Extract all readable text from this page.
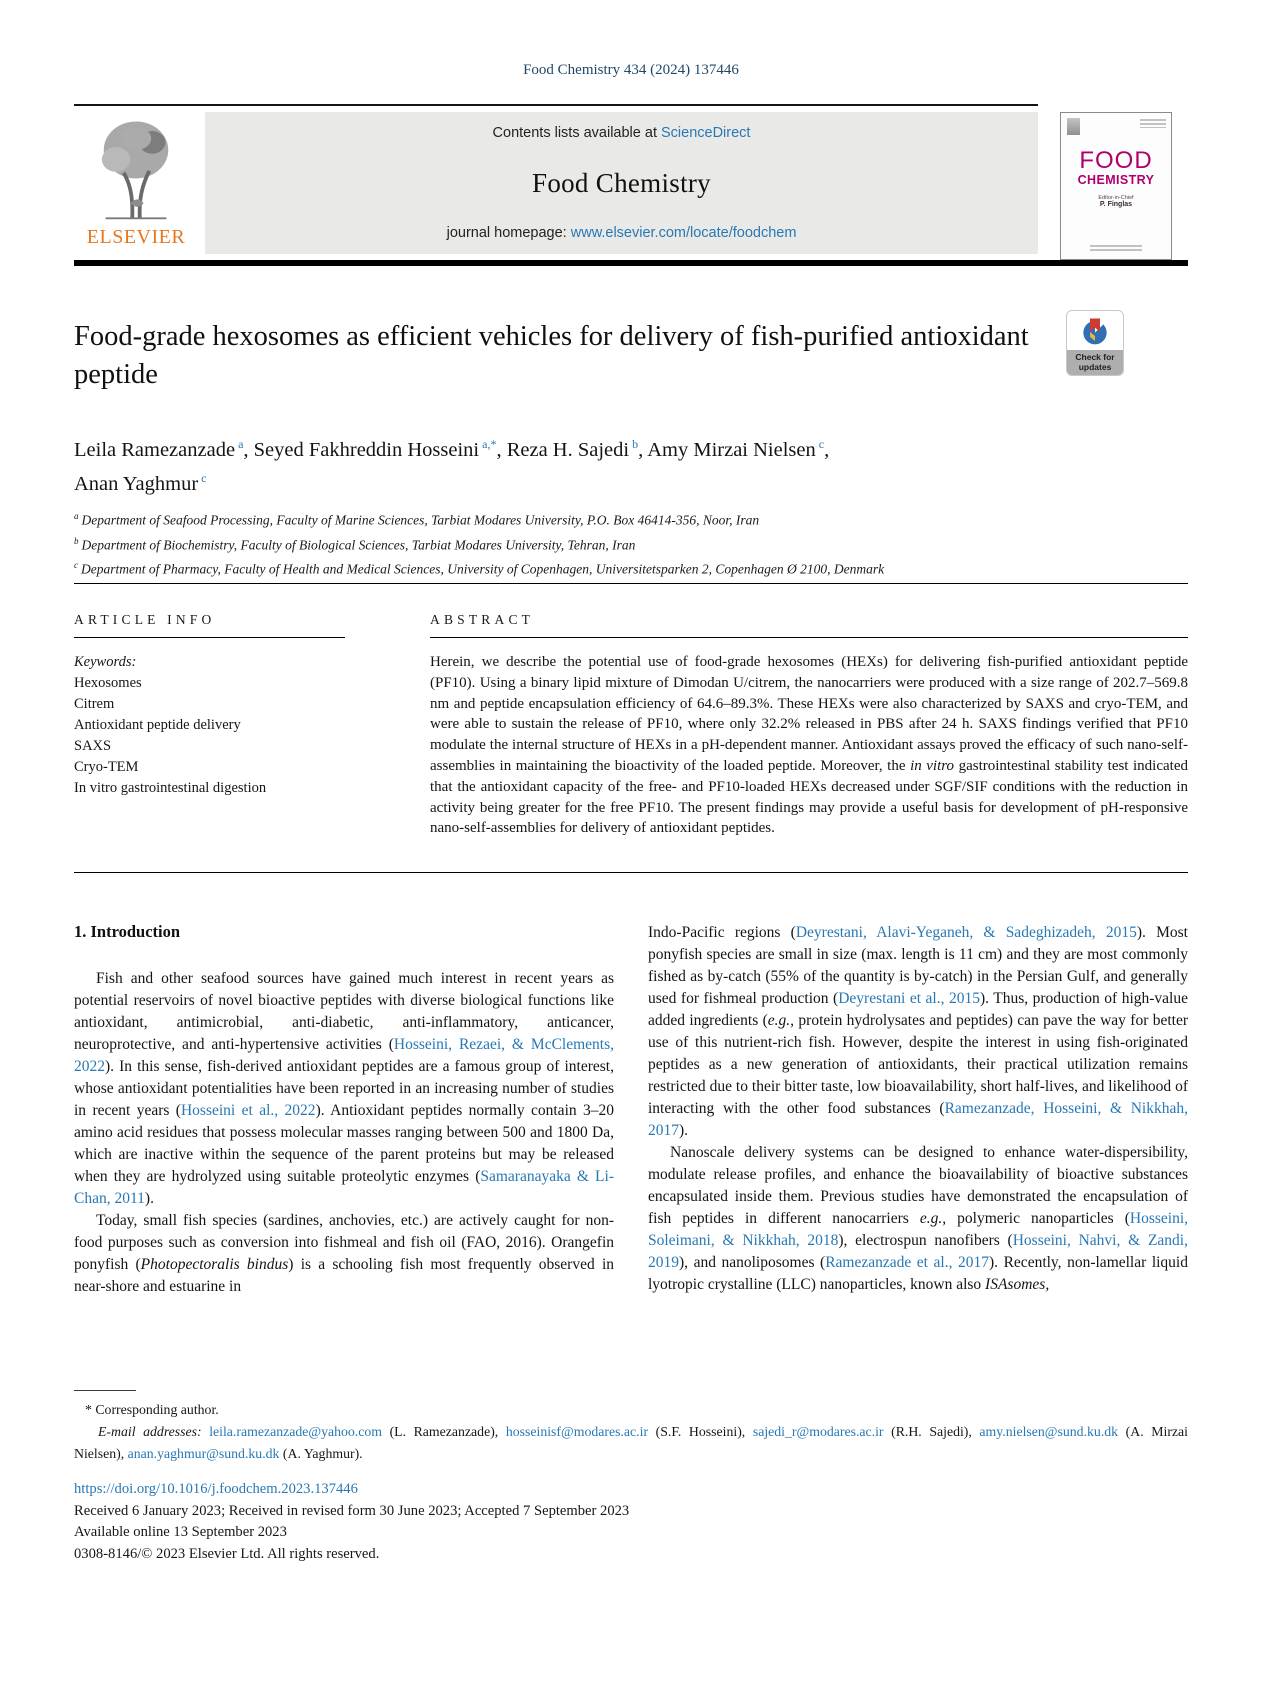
Food Chemistry 434 (2024) 137446
ELSEVIER
Contents lists available at ScienceDirect
Food Chemistry
journal homepage: www.elsevier.com/locate/foodchem
FOOD
CHEMISTRY
Editor-in-Chief
P. Finglas
Food-grade hexosomes as efficient vehicles for delivery of fish-purified antioxidant peptide
Check for updates
Leila Ramezanzade $^a$, Seyed Fakhreddin Hosseini $^{a,*}$, Reza H. Sajedi $^b$, Amy Mirzai Nielsen $^c$,
Anan Yaghmur $^c$
$^a$ Department of Seafood Processing, Faculty of Marine Sciences, Tarbiat Modares University, P.O. Box 46414-356, Noor, Iran
$^b$ Department of Biochemistry, Faculty of Biological Sciences, Tarbiat Modares University, Tehran, Iran
$^c$ Department of Pharmacy, Faculty of Health and Medical Sciences, University of Copenhagen, Universitetsparken 2, Copenhagen Ø 2100, Denmark
ARTICLE INFO
Keywords:
Hexosomes
Citrem
Antioxidant peptide delivery
SAXS
Cryo-TEM
In vitro gastrointestinal digestion
ABSTRACT

Herein, we describe the potential use of food-grade hexosomes (HEXs) for delivering fish-purified antioxidant peptide (PF10). Using a binary lipid mixture of Dimodan U/citrem, the nanocarriers were produced with a size range of 202.7–569.8 nm and peptide encapsulation efficiency of 64.6–89.3%. These HEXs were also characterized by SAXS and cryo-TEM, and were able to sustain the release of PF10, where only 32.2% released in PBS after 24 h. SAXS findings verified that PF10 modulate the internal structure of HEXs in a pH-dependent manner. Antioxidant assays proved the efficacy of such nano-self-assemblies in maintaining the bioactivity of the loaded peptide. Moreover, the in vitro gastrointestinal stability test indicated that the antioxidant capacity of the free- and PF10-loaded HEXs decreased under SGF/SIF conditions with the reduction in activity being greater for the free PF10. The present findings may provide a useful basis for development of pH-responsive nano-self-assemblies for delivery of antioxidant peptides.

1. Introduction

Fish and other seafood sources have gained much interest in recent years as potential reservoirs of novel bioactive peptides with diverse biological functions like antioxidant, antimicrobial, anti-diabetic, anti-inflammatory, anticancer, neuroprotective, and anti-hypertensive activities (Hosseini, Rezaei, & McClements, 2022). In this sense, fish-derived antioxidant peptides are a famous group of interest, whose antioxidant potentialities have been reported in an increasing number of studies in recent years (Hosseini et al., 2022). Antioxidant peptides normally contain 3–20 amino acid residues that possess molecular masses ranging between 500 and 1800 Da, which are inactive within the sequence of the parent proteins but may be released when they are hydrolyzed using suitable proteolytic enzymes (Samaranayaka & Li-Chan, 2011).

Today, small fish species (sardines, anchovies, etc.) are actively caught for non-food purposes such as conversion into fishmeal and fish oil (FAO, 2016). Orangefin ponyfish (Photopectoralis bindus) is a schooling fish most frequently observed in near-shore and estuarine in

Indo-Pacific regions (Deyrestani, Alavi-Yeganeh, & Sadeghizadeh, 2015). Most ponyfish species are small in size (max. length is 11 cm) and they are most commonly fished as by-catch (55% of the quantity is by-catch) in the Persian Gulf, and generally used for fishmeal production (Deyrestani et al., 2015). Thus, production of high-value added ingredients (e.g., protein hydrolysates and peptides) can pave the way for better use of this nutrient-rich fish. However, despite the interest in using fish-originated peptides as a new generation of antioxidants, their practical utilization remains restricted due to their bitter taste, low bioavailability, short half-lives, and likelihood of interacting with the other food substances (Ramezanzade, Hosseini, & Nikkhah, 2017).

Nanoscale delivery systems can be designed to enhance water-dispersibility, modulate release profiles, and enhance the bioavailability of bioactive substances encapsulated inside them. Previous studies have demonstrated the encapsulation of fish peptides in different nanocarriers e.g., polymeric nanoparticles (Hosseini, Soleimani, & Nikkhah, 2018), electrospun nanofibers (Hosseini, Nahvi, & Zandi, 2019), and nanoliposomes (Ramezanzade et al., 2017). Recently, non-lamellar liquid lyotropic crystalline (LLC) nanoparticles, known also ISAsomes,

* Corresponding author.

E-mail addresses: leila.ramezanzade@yahoo.com (L. Ramezanzade), hosseinisf@modares.ac.ir (S.F. Hosseini), sajedi_r@modares.ac.ir (R.H. Sajedi), amy.nielsen@sund.ku.dk (A. Mirzai Nielsen), anan.yaghmur@sund.ku.dk (A. Yaghmur).

https://doi.org/10.1016/j.foodchem.2023.137446
Received 6 January 2023; Received in revised form 30 June 2023; Accepted 7 September 2023
Available online 13 September 2023
0308-8146/© 2023 Elsevier Ltd. All rights reserved.
